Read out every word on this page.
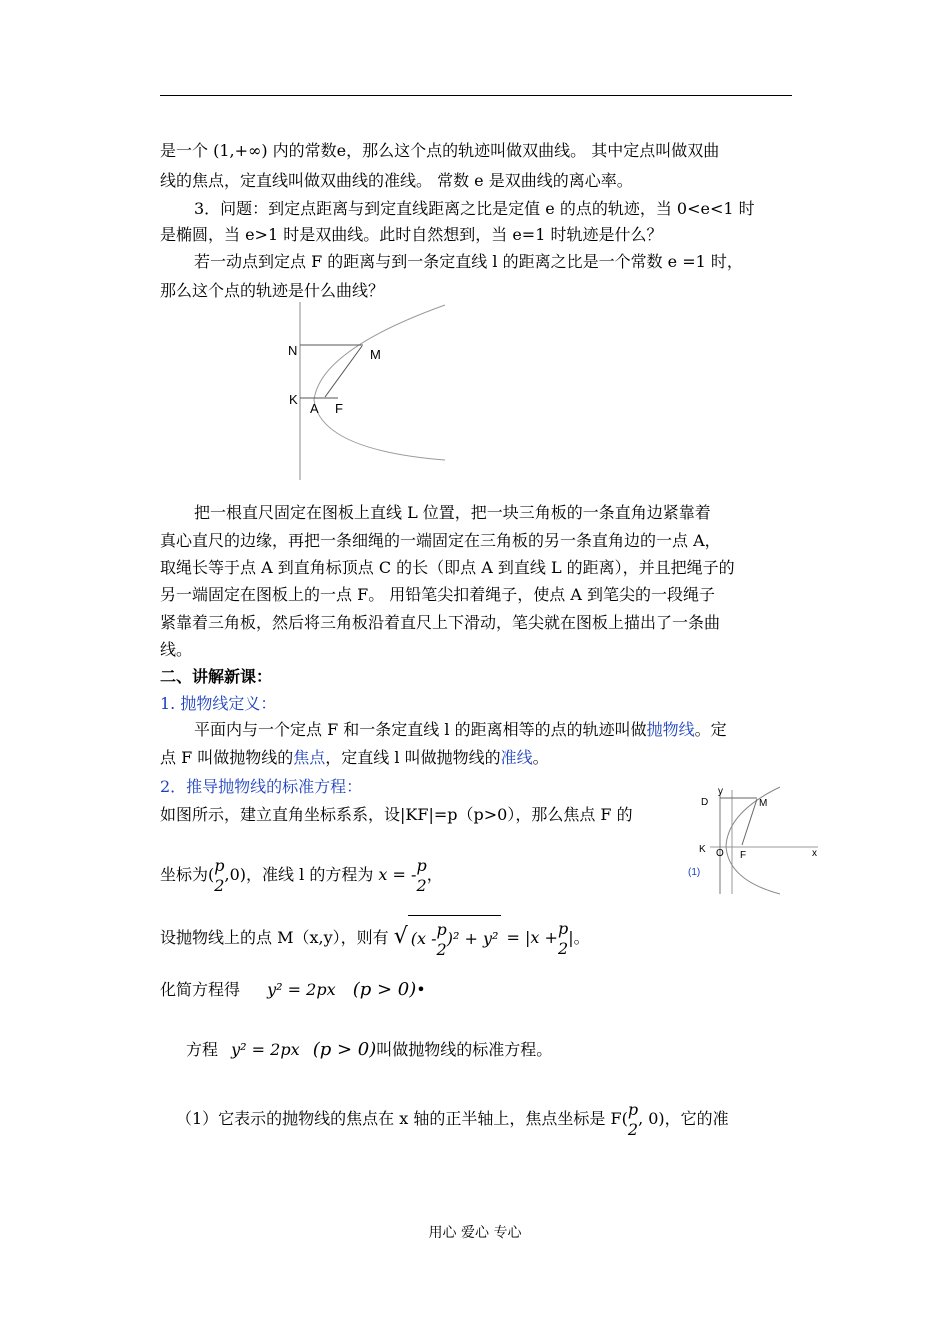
是一个 (1,+∞) 内的常数e，那么这个点的轨迹叫做双曲线。 其中定点叫做双曲
线的焦点，定直线叫做双曲线的准线。 常数 e 是双曲线的离心率。
3．问题：到定点距离与到定直线距离之比是定值 e 的点的轨迹，当 0<e<1 时
是椭圆，当 e>1 时是双曲线。此时自然想到，当 e=1 时轨迹是什么？
若一动点到定点 F 的距离与到一条定直线 l 的距离之比是一个常数 e =1 时，
那么这个点的轨迹是什么曲线？
N	M
K
A F
把一根直尺固定在图板上直线 L 位置，把一块三角板的一条直角边紧靠着
真心直尺的边缘，再把一条细绳的一端固定在三角板的另一条直角边的一点 A，
取绳长等于点 A 到直角标顶点 C 的长（即点 A 到直线 L 的距离），并且把绳子的
另一端固定在图板上的一点 F。 用铅笔尖扣着绳子，使点 A 到笔尖的一段绳子
紧靠着三角板，然后将三角板沿着直尺上下滑动，笔尖就在图板上描出了一条曲
线。
二、讲解新课：
1. 抛物线定义：
平面内与一个定点 F 和一条定直线 l 的距离相等的点的轨迹叫做抛物线。定
点 F 叫做抛物线的焦点，定直线 l 叫做抛物线的准线。
2．推导抛物线的标准方程：
如图所示，建立直角坐标系系，设|KF|=p（p>0），那么焦点 F 的
y
D	M
K O F	x
(1)
坐标为( p
2
,0)，准线 l 的方程为 x = - p
2
，
设抛物线上的点 M（x,y），则有 √ (x - p
2
)² + y² = |x + p
2
|。
化简方程得 y² = 2px (p > 0)•
方程 y² = 2px (p > 0)叫做抛物线的标准方程。
（1）它表示的抛物线的焦点在 x 轴的正半轴上，焦点坐标是 F( p
2
, 0)，它的准
用心 爱心 专心
